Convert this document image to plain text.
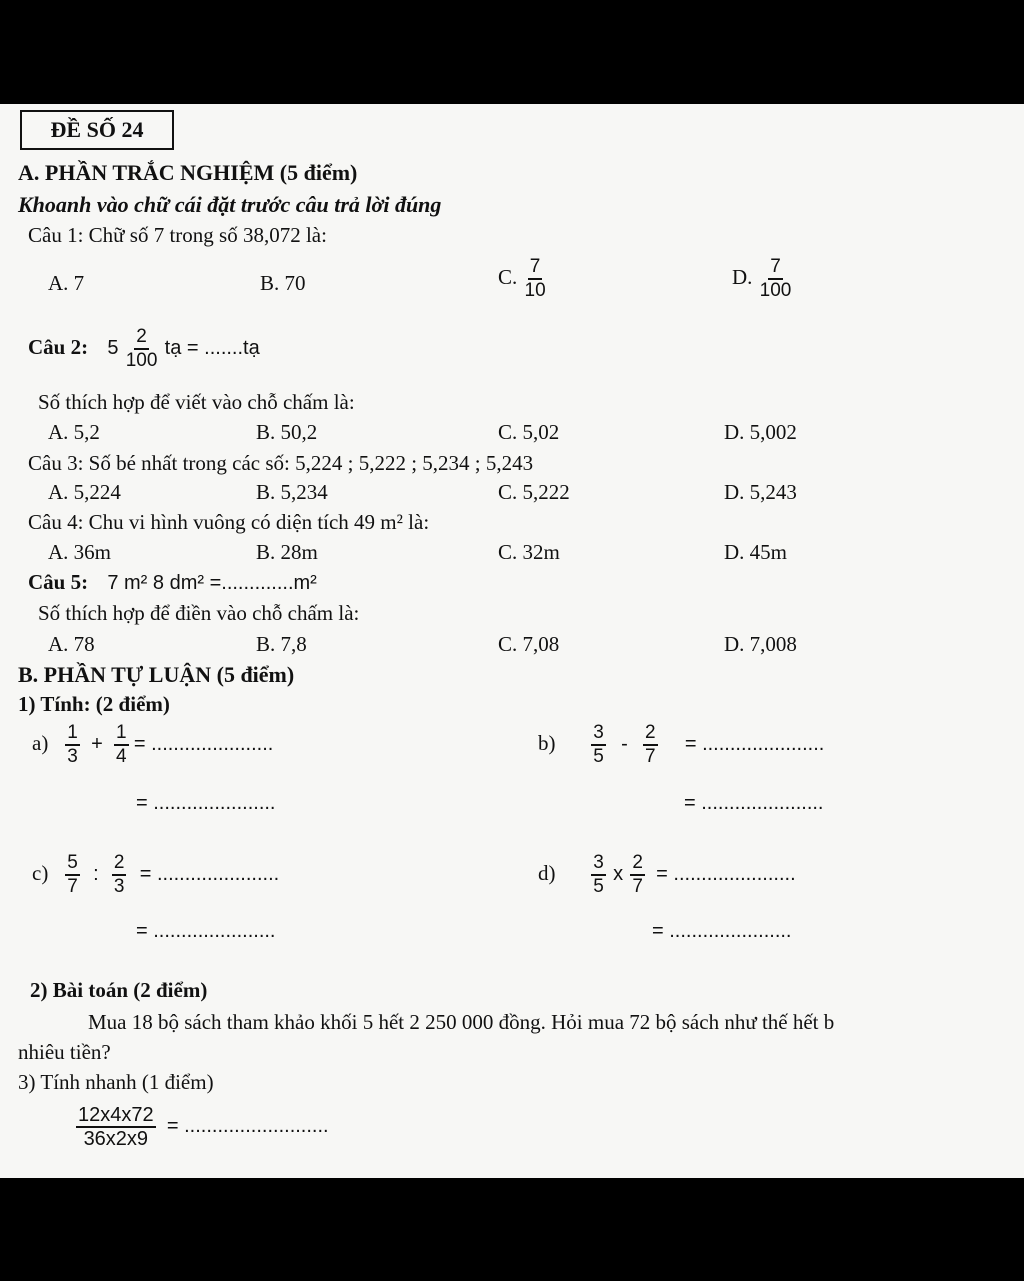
ĐỀ SỐ 24
A. PHẦN TRẮC NGHIỆM (5 điểm)
Khoanh vào chữ cái đặt trước câu trả lời đúng
Câu 1: Chữ số 7 trong số 38,072 là:
A. 7	B. 70	C. $\frac{7}{10}$	D. $\frac{7}{100}$
Câu 2: $5 \frac{2}{100}$ tạ = .......tạ
Số thích hợp để viết vào chỗ chấm là:
A. 5,2	B. 50,2	C. 5,02	D. 5,002
Câu 3: Số bé nhất trong các số: 5,224 ; 5,222 ; 5,234 ; 5,243
A. 5,224	B. 5,234	C. 5,222	D. 5,243
Câu 4: Chu vi hình vuông có diện tích 49 m² là:
A. 36m	B. 28m	C. 32m	D. 45m
Câu 5: 7 m² 8 dm² =.............m²
Số thích hợp để điền vào chỗ chấm là:
A. 78	B. 7,8	C. 7,08	D. 7,008
B. PHẦN TỰ LUẬN (5 điểm)
1) Tính: (2 điểm)
$a) \frac{1}{3} + \frac{1}{4}$ = ......................
= ......................
$b) \frac{3}{5} - \frac{2}{7}$ = ......................
= ......................
$c) \frac{5}{7}$ : $\frac{2}{3}$ = ......................
= ......................
$d) \frac{3}{5}$ x $\frac{2}{7}$ = ......................
= ......................
2) Bài toán (2 điểm)
Mua 18 bộ sách tham khảo khối 5 hết 2 250 000 đồng. Hỏi mua 72 bộ sách như thế hết b
nhiêu tiền?
3) Tính nhanh (1 điểm)
$\frac{12x4x72}{36x2x9}$ = ..........................
